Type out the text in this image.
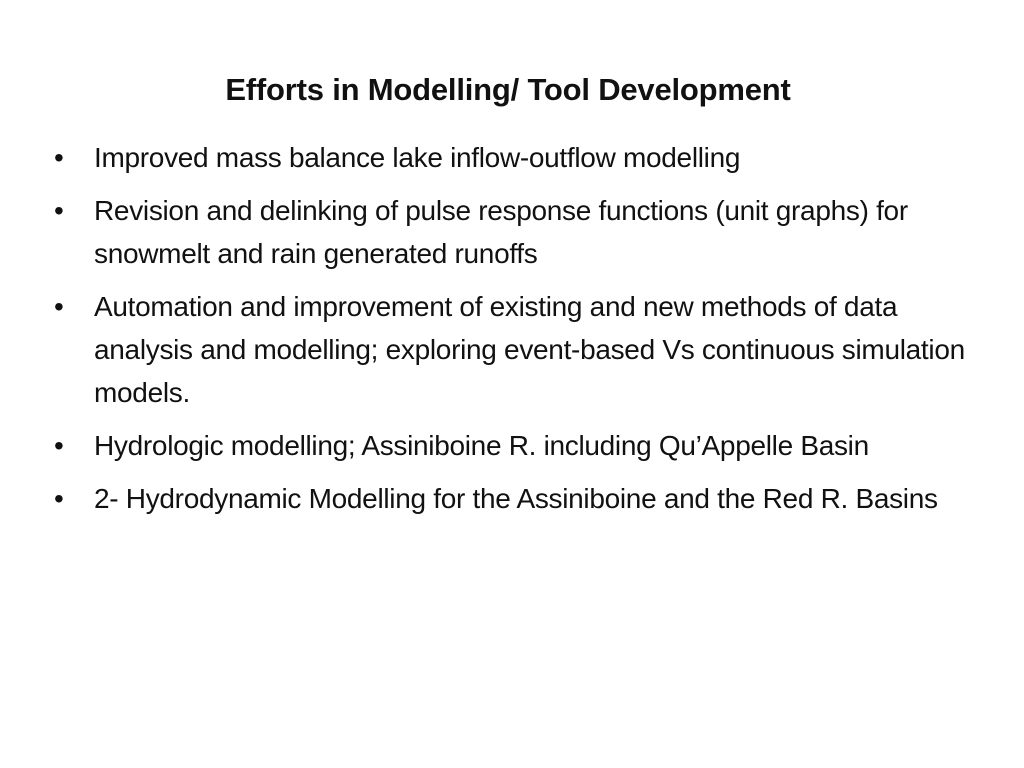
Efforts in Modelling/ Tool Development
•	Improved mass balance lake inflow-outflow modelling
•	Revision and delinking of pulse response functions (unit graphs) for snowmelt and rain generated runoffs
•	Automation and improvement of existing and new methods of data analysis and modelling; exploring event-based Vs continuous simulation models.
•	Hydrologic modelling; Assiniboine R. including Qu’Appelle Basin
•	2- Hydrodynamic Modelling for the Assiniboine and the Red R. Basins
